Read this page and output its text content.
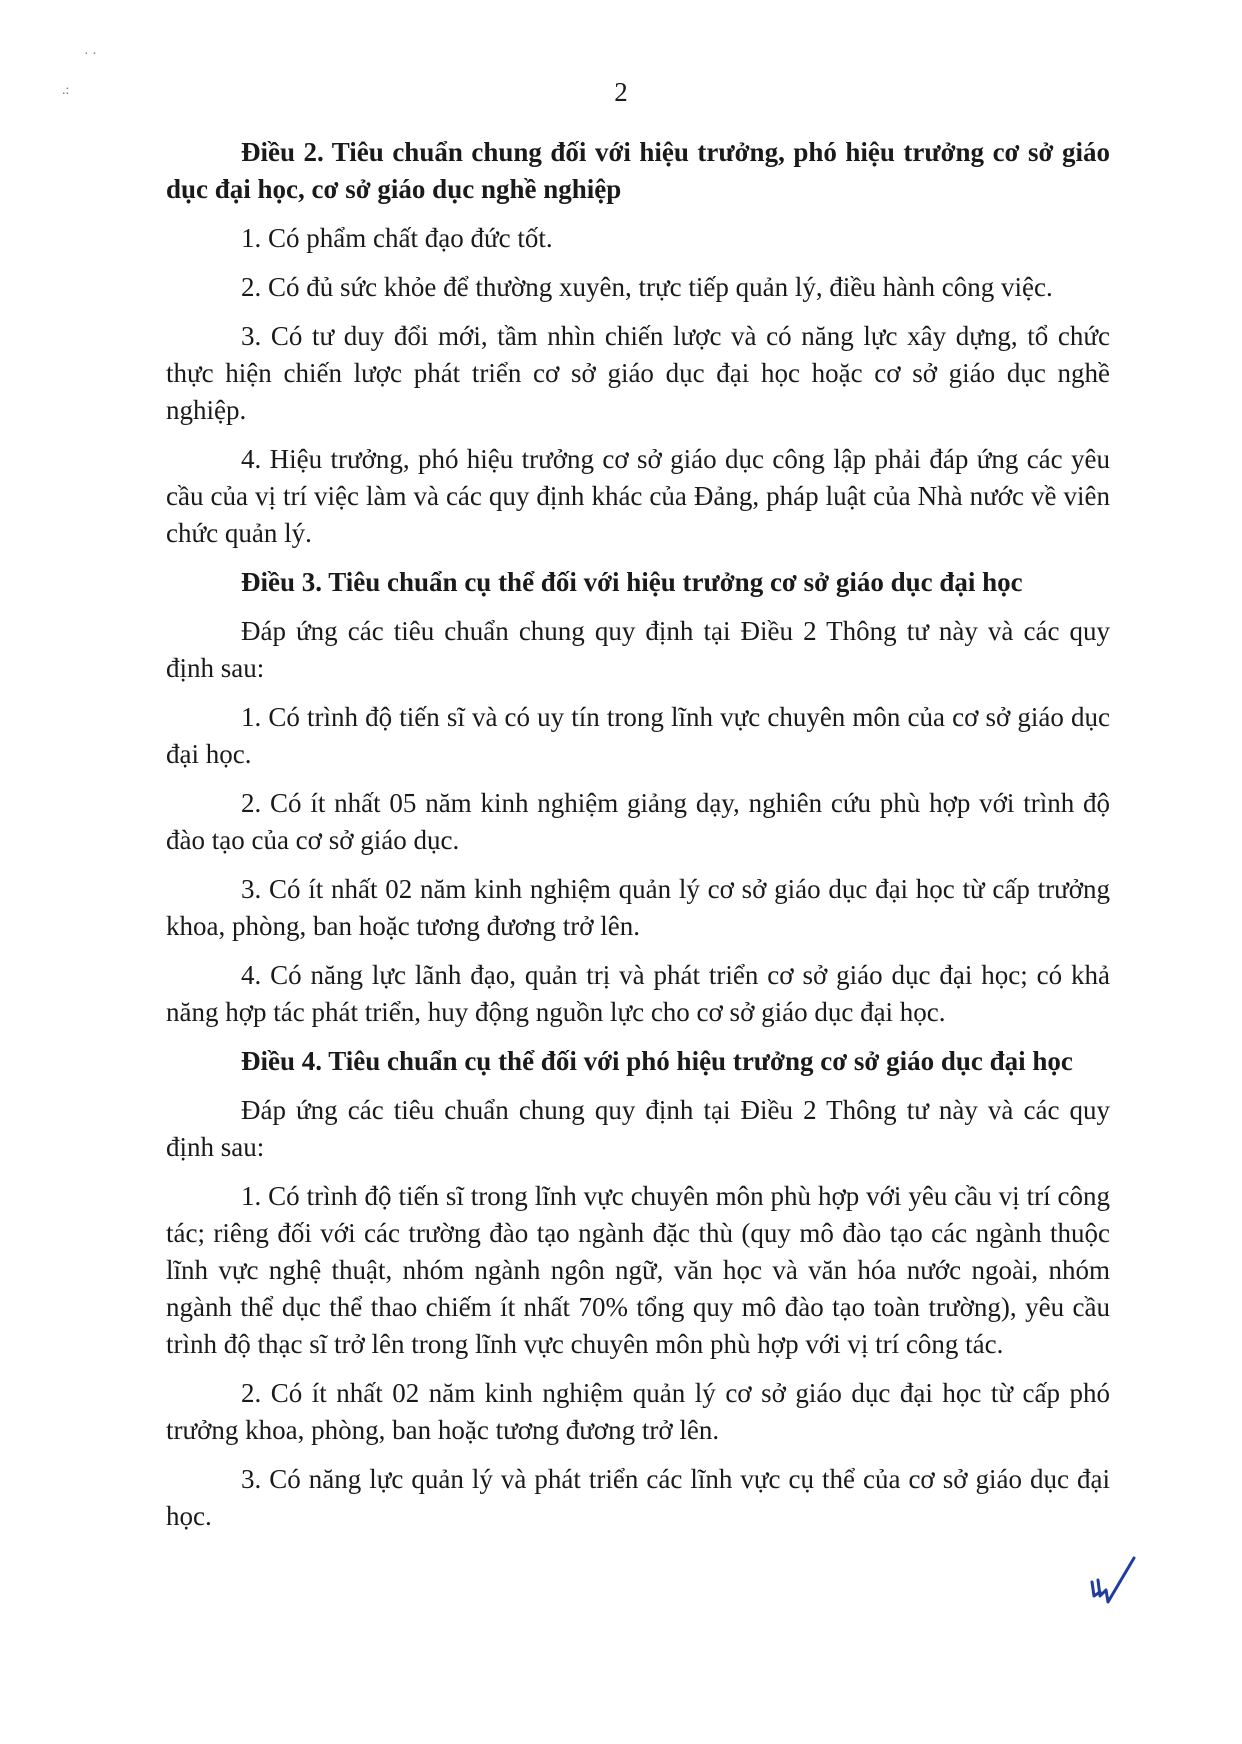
· ·
.:	2

Điều 2. Tiêu chuẩn chung đối với hiệu trưởng, phó hiệu trưởng cơ sở giáo dục đại học, cơ sở giáo dục nghề nghiệp

1. Có phẩm chất đạo đức tốt.

2. Có đủ sức khỏe để thường xuyên, trực tiếp quản lý, điều hành công việc.

3. Có tư duy đổi mới, tầm nhìn chiến lược và có năng lực xây dựng, tổ chức thực hiện chiến lược phát triển cơ sở giáo dục đại học hoặc cơ sở giáo dục nghề nghiệp.

4. Hiệu trưởng, phó hiệu trưởng cơ sở giáo dục công lập phải đáp ứng các yêu cầu của vị trí việc làm và các quy định khác của Đảng, pháp luật của Nhà nước về viên chức quản lý.

Điều 3. Tiêu chuẩn cụ thể đối với hiệu trưởng cơ sở giáo dục đại học

Đáp ứng các tiêu chuẩn chung quy định tại Điều 2 Thông tư này và các quy định sau:

1. Có trình độ tiến sĩ và có uy tín trong lĩnh vực chuyên môn của cơ sở giáo dục đại học.

2. Có ít nhất 05 năm kinh nghiệm giảng dạy, nghiên cứu phù hợp với trình độ đào tạo của cơ sở giáo dục.

3. Có ít nhất 02 năm kinh nghiệm quản lý cơ sở giáo dục đại học từ cấp trưởng khoa, phòng, ban hoặc tương đương trở lên.

4. Có năng lực lãnh đạo, quản trị và phát triển cơ sở giáo dục đại học; có khả năng hợp tác phát triển, huy động nguồn lực cho cơ sở giáo dục đại học.

Điều 4. Tiêu chuẩn cụ thể đối với phó hiệu trưởng cơ sở giáo dục đại học

Đáp ứng các tiêu chuẩn chung quy định tại Điều 2 Thông tư này và các quy định sau:

1. Có trình độ tiến sĩ trong lĩnh vực chuyên môn phù hợp với yêu cầu vị trí công tác; riêng đối với các trường đào tạo ngành đặc thù (quy mô đào tạo các ngành thuộc lĩnh vực nghệ thuật, nhóm ngành ngôn ngữ, văn học và văn hóa nước ngoài, nhóm ngành thể dục thể thao chiếm ít nhất 70% tổng quy mô đào tạo toàn trường), yêu cầu trình độ thạc sĩ trở lên trong lĩnh vực chuyên môn phù hợp với vị trí công tác.

2. Có ít nhất 02 năm kinh nghiệm quản lý cơ sở giáo dục đại học từ cấp phó trưởng khoa, phòng, ban hoặc tương đương trở lên.

3. Có năng lực quản lý và phát triển các lĩnh vực cụ thể của cơ sở giáo dục đại học.
